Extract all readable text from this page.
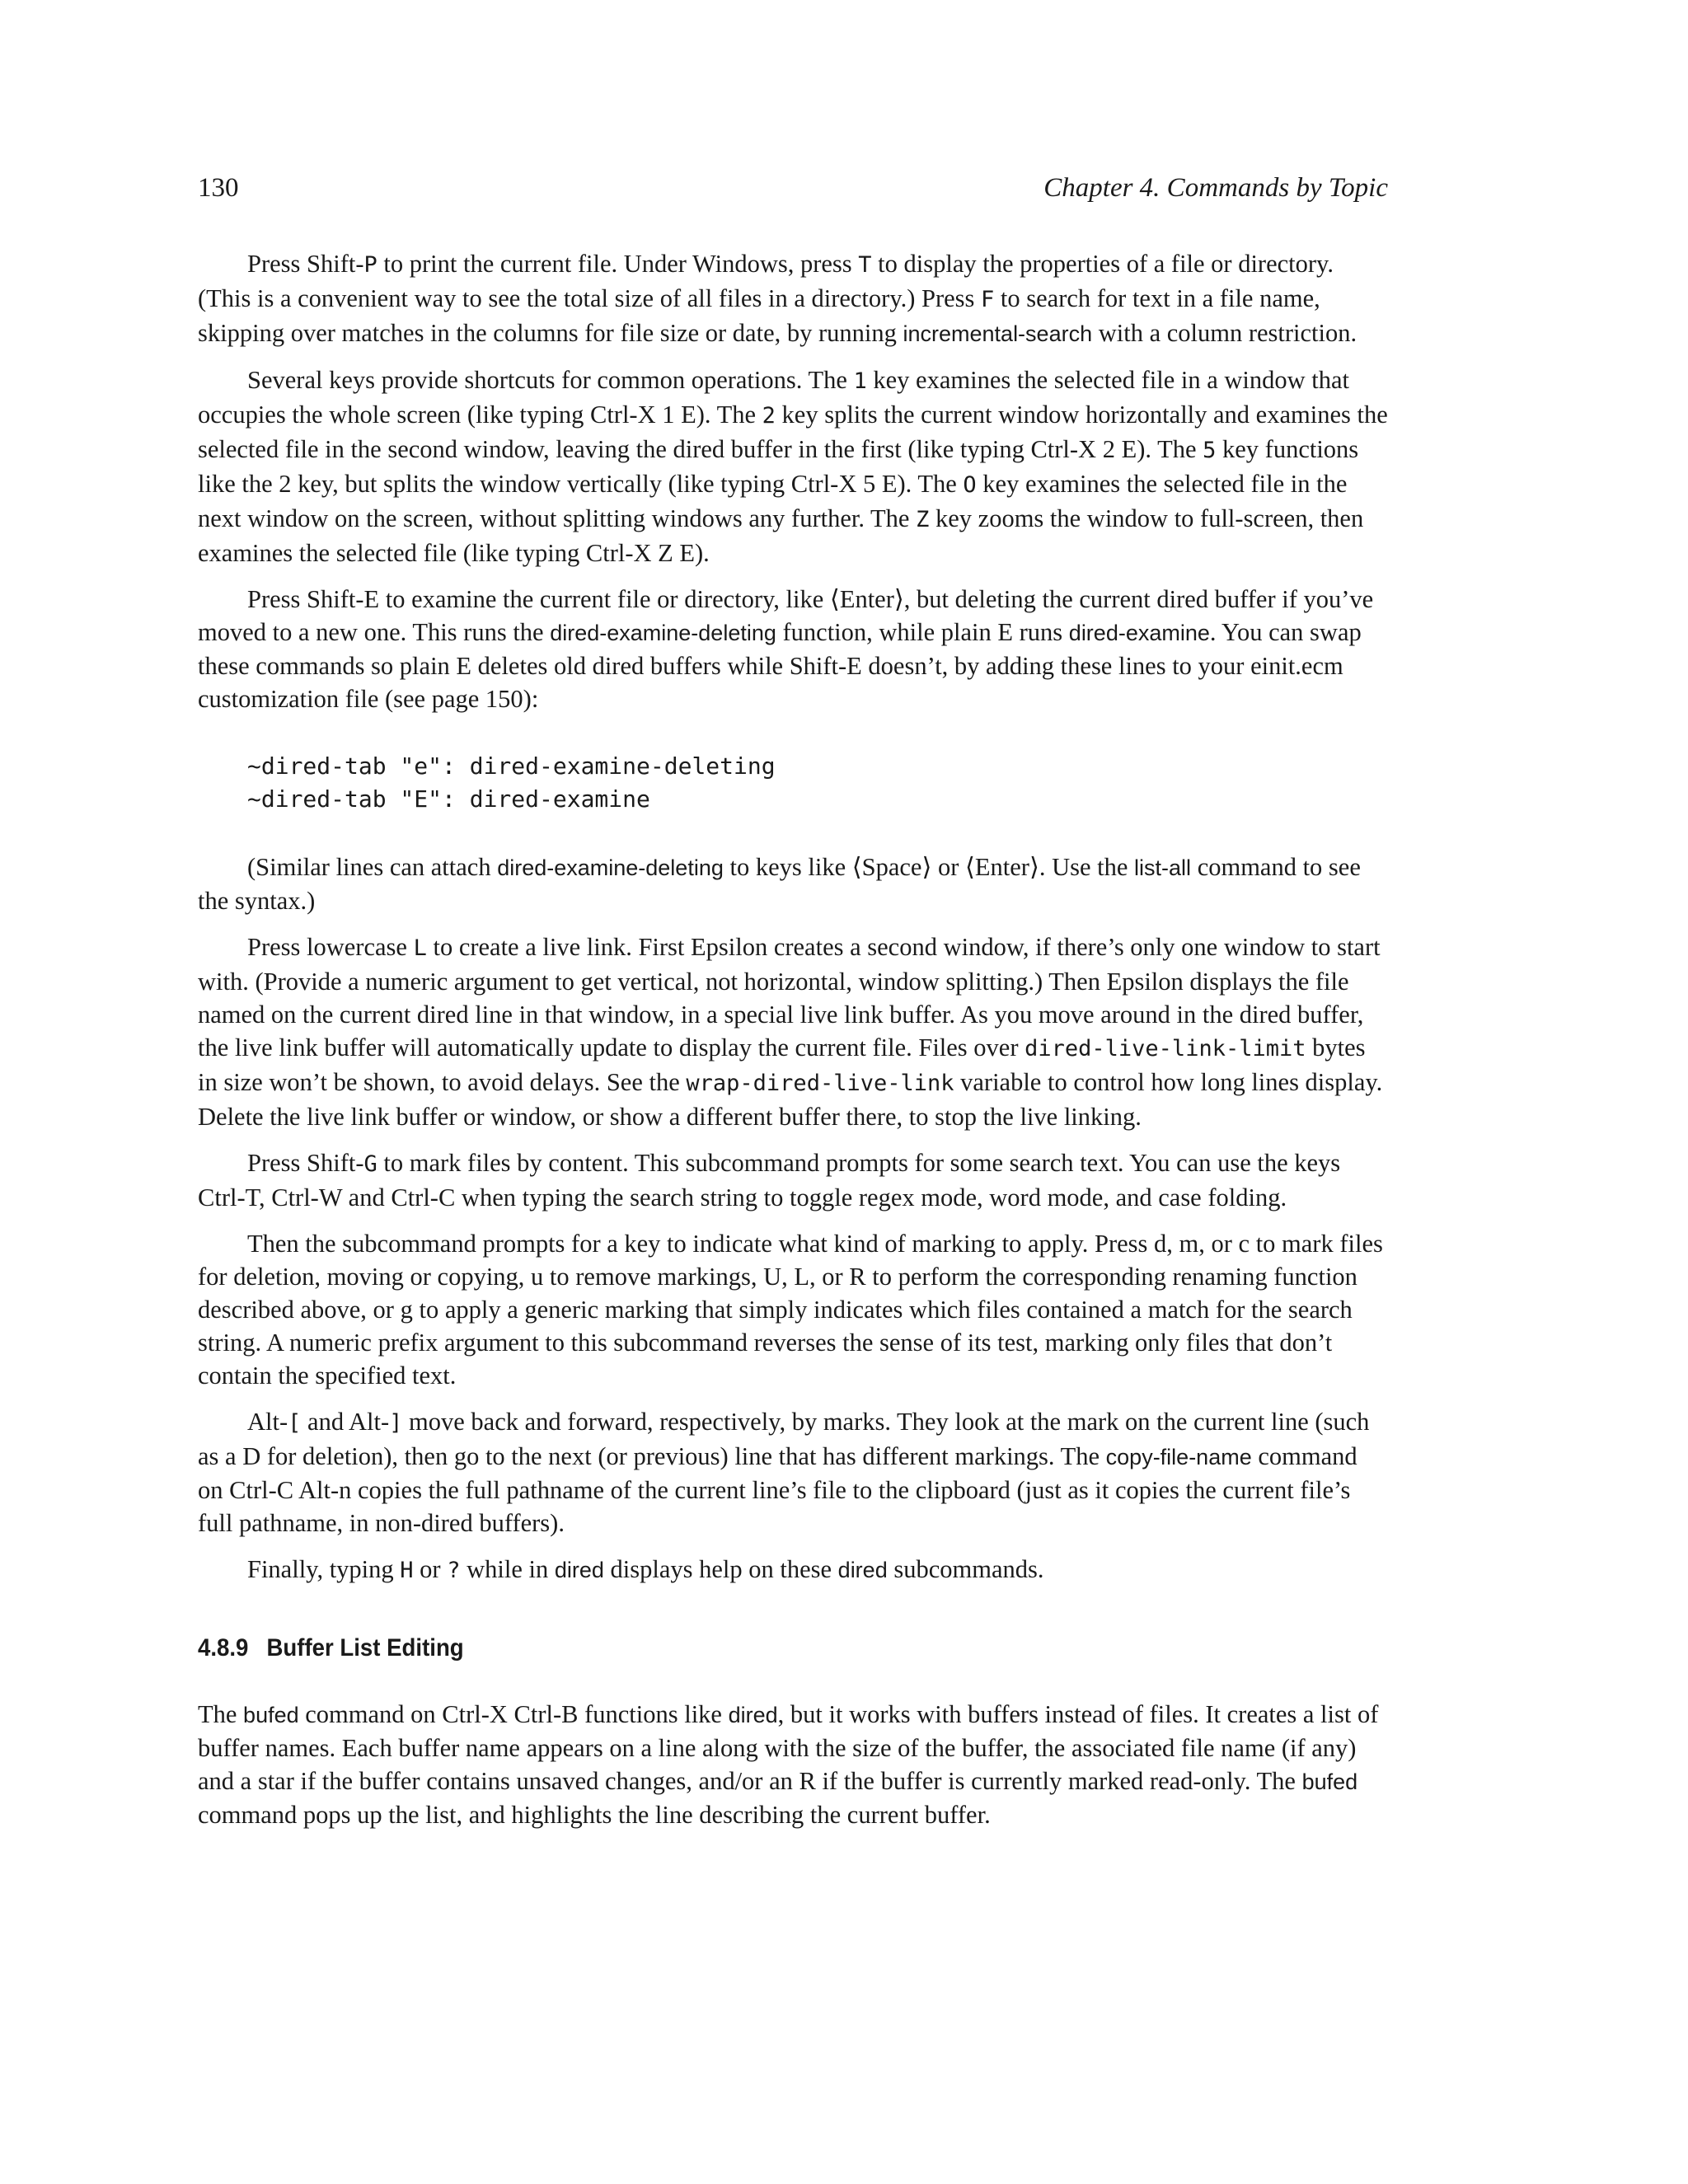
130	Chapter 4. Commands by Topic

Press Shift-P to print the current file. Under Windows, press T to display the properties of a file or directory. (This is a convenient way to see the total size of all files in a directory.) Press F to search for text in a file name, skipping over matches in the columns for file size or date, by running incremental-search with a column restriction.

Several keys provide shortcuts for common operations. The 1 key examines the selected file in a window that occupies the whole screen (like typing Ctrl-X 1 E). The 2 key splits the current window horizontally and examines the selected file in the second window, leaving the dired buffer in the first (like typing Ctrl-X 2 E). The 5 key functions like the 2 key, but splits the window vertically (like typing Ctrl-X 5 E). The O key examines the selected file in the next window on the screen, without splitting windows any further. The Z key zooms the window to full-screen, then examines the selected file (like typing Ctrl-X Z E).

Press Shift-E to examine the current file or directory, like ⟨Enter⟩, but deleting the current dired buffer if you’ve moved to a new one. This runs the dired-examine-deleting function, while plain E runs dired-examine. You can swap these commands so plain E deletes old dired buffers while Shift-E doesn’t, by adding these lines to your einit.ecm customization file (see page 150):

~dired-tab "e": dired-examine-deleting
~dired-tab "E": dired-examine

(Similar lines can attach dired-examine-deleting to keys like ⟨Space⟩ or ⟨Enter⟩. Use the list-all command to see the syntax.)

Press lowercase L to create a live link. First Epsilon creates a second window, if there’s only one window to start with. (Provide a numeric argument to get vertical, not horizontal, window splitting.) Then Epsilon displays the file named on the current dired line in that window, in a special live link buffer. As you move around in the dired buffer, the live link buffer will automatically update to display the current file. Files over dired-live-link-limit bytes in size won’t be shown, to avoid delays. See the wrap-dired-live-link variable to control how long lines display. Delete the live link buffer or window, or show a different buffer there, to stop the live linking.

Press Shift-G to mark files by content. This subcommand prompts for some search text. You can use the keys Ctrl-T, Ctrl-W and Ctrl-C when typing the search string to toggle regex mode, word mode, and case folding.

Then the subcommand prompts for a key to indicate what kind of marking to apply. Press d, m, or c to mark files for deletion, moving or copying, u to remove markings, U, L, or R to perform the corresponding renaming function described above, or g to apply a generic marking that simply indicates which files contained a match for the search string. A numeric prefix argument to this subcommand reverses the sense of its test, marking only files that don’t contain the specified text.

Alt-[ and Alt-] move back and forward, respectively, by marks. They look at the mark on the current line (such as a D for deletion), then go to the next (or previous) line that has different markings. The copy-file-name command on Ctrl-C Alt-n copies the full pathname of the current line’s file to the clipboard (just as it copies the current file’s full pathname, in non-dired buffers).

Finally, typing H or ? while in dired displays help on these dired subcommands.

4.8.9 Buffer List Editing

The bufed command on Ctrl-X Ctrl-B functions like dired, but it works with buffers instead of files. It creates a list of buffer names. Each buffer name appears on a line along with the size of the buffer, the associated file name (if any) and a star if the buffer contains unsaved changes, and/or an R if the buffer is currently marked read-only. The bufed command pops up the list, and highlights the line describing the current buffer.
